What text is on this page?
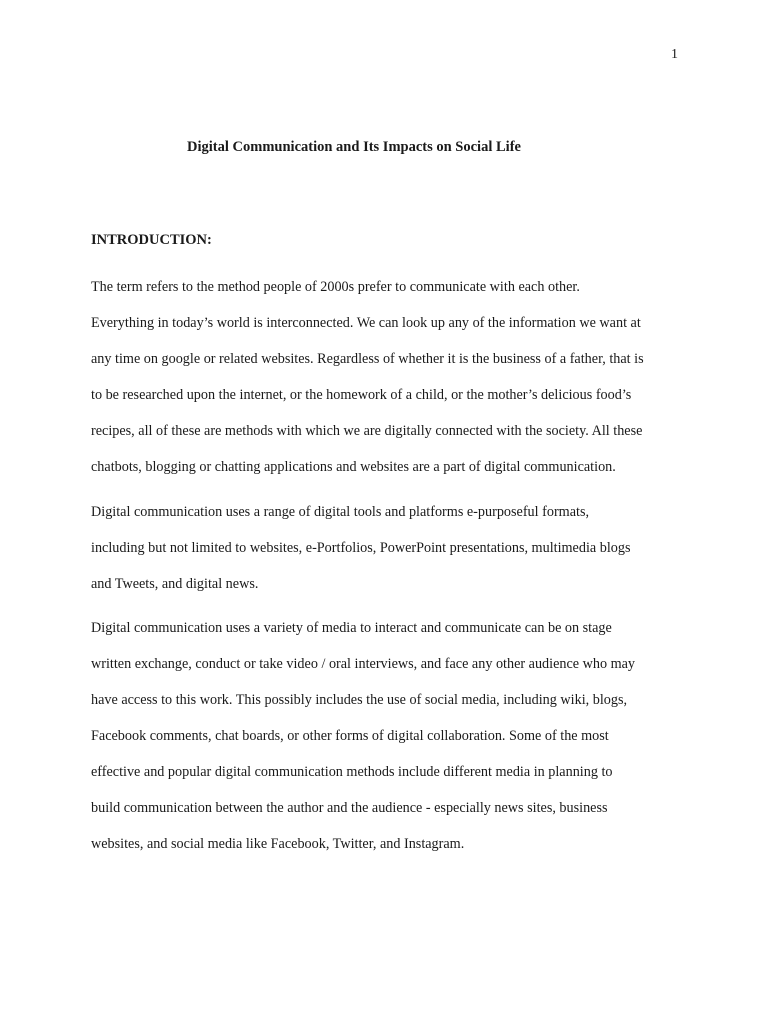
1
Digital Communication and Its Impacts on Social Life
INTRODUCTION:

The term refers to the method people of 2000s prefer to communicate with each other.
Everything in today’s world is interconnected. We can look up any of the information we want at
any time on google or related websites. Regardless of whether it is the business of a father, that is
to be researched upon the internet, or the homework of a child, or the mother’s delicious food’s
recipes, all of these are methods with which we are digitally connected with the society. All these
chatbots, blogging or chatting applications and websites are a part of digital communication.

Digital communication uses a range of digital tools and platforms e-purposeful formats,
including but not limited to websites, e-Portfolios, PowerPoint presentations, multimedia blogs
and Tweets, and digital news.

Digital communication uses a variety of media to interact and communicate can be on stage
written exchange, conduct or take video / oral interviews, and face any other audience who may
have access to this work. This possibly includes the use of social media, including wiki, blogs,
Facebook comments, chat boards, or other forms of digital collaboration. Some of the most
effective and popular digital communication methods include different media in planning to
build communication between the author and the audience - especially news sites, business
websites, and social media like Facebook, Twitter, and Instagram.
